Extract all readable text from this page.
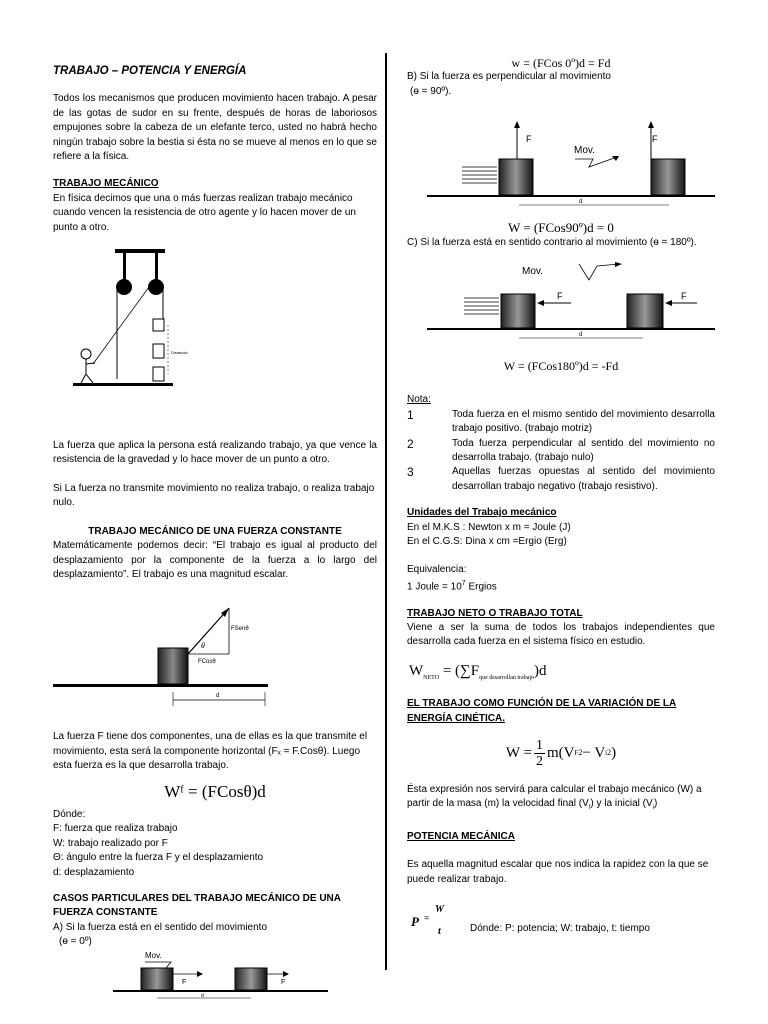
TRABAJO – POTENCIA Y ENERGÍA

Todos los mecanismos que producen movimiento hacen trabajo. A pesar de las gotas de sudor en su frente, después de horas de laboriosos empujones sobre la cabeza de un elefante terco, usted no habrá hecho ningún trabajo sobre la bestia si ésta no se mueve al menos en lo que se refiere a la física.

TRABAJO MECÁNICO

En física decimos que una o más fuerzas realizan trabajo mecánico cuando vencen la resistencia de otro agente y lo hacen mover de un punto a otro.

Distancia

La fuerza que aplica la persona está realizando trabajo, ya que vence la resistencia de la gravedad y lo hace mover de un punto a otro.

Si La fuerza no transmite movimiento no realiza trabajo, o realiza trabajo nulo.

TRABAJO MECÁNICO DE UNA FUERZA CONSTANTE

Matemáticamente podemos decir: “El trabajo es igual al producto del desplazamiento por la componente de la fuerza a lo largo del desplazamiento”. El trabajo es una magnitud escalar.

θ
FSenθ
FCosθ
d

La fuerza F tiene dos componentes, una de ellas es la que transmite el movimiento, esta será la componente horizontal (Fₓ = F.Cosθ). Luego esta fuerza es la que desarrolla trabajo.

Wᶠ = (FCosθ)d

Dónde:

F: fuerza que realiza trabajo

W: trabajo realizado por F

Θ: ángulo entre la fuerza F y el desplazamiento

d: desplazamiento

CASOS PARTICULARES DEL TRABAJO MECÁNICO DE UNA FUERZA CONSTANTE

A) Si la fuerza está en el sentido del movimiento

(ɵ = 0º)

Mov.
F	F
d
w = (FCos 0º)d = Fd

B) Si la fuerza es perpendicular al movimiento

(ɵ = 90º).

F	F
Mov.
d
W = (FCos90º)d = 0

C) Si la fuerza está en sentido contrario al movimiento (ɵ = 180º).

Mov.
F	F
d
W = (FCos180º)d = -Fd

Nota:

1	Toda fuerza en el mismo sentido del movimiento desarrolla trabajo positivo. (trabajo motriz)
2	Toda fuerza perpendicular al sentido del movimiento no desarrolla trabajo. (trabajo nulo)
3	Aquellas fuerzas opuestas al sentido del movimiento desarrollan trabajo negativo (trabajo resistivo).

Unidades del Trabajo mecánico

En el M.K.S : Newton x m = Joule (J)

En el C.G.S: Dina x cm =Ergio (Erg)

Equivalencia:

1 Joule = $10^7$ Ergios

TRABAJO NETO O TRABAJO TOTAL

Viene a ser la suma de todos los trabajos independientes que desarrolla cada fuerza en el sistema físico en estudio.

$W_{NETO} = (\sum F_{que desarrollan trabajo})d$

EL TRABAJO COMO FUNCIÓN DE LA VARIACIÓN DE LA ENERGÍA CINÉTICA.

$W = \frac{1}{2} m(V$ F 2 − V i 2 )

Ésta expresión nos servirá para calcular el trabajo mecánico (W) a partir de la masa (m) la velocidad final $(V_f)$ y la inicial $(V_i)$

POTENCIA MECÁNICA

Es aquella magnitud escalar que nos indica la rapidez con la que se puede realizar trabajo.

P =
W
t	Dónde: P: potencia; W: trabajo, t: tiempo
